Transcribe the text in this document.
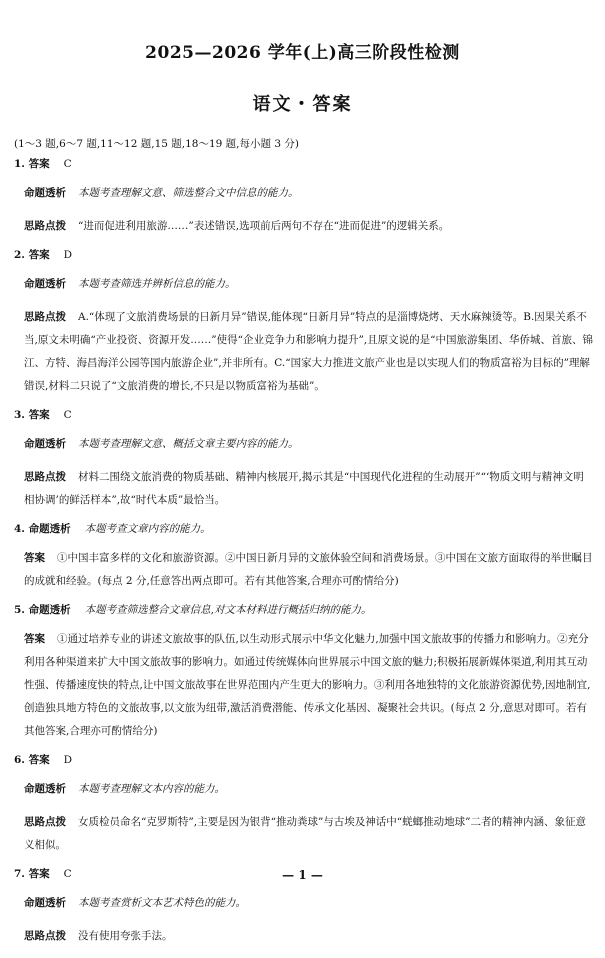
2025—2026 学年(上)高三阶段性检测
语文・答案
(1～3 题,6～7 题,11～12 题,15 题,18～19 题,每小题 3 分)
1. 答案 C
命题透析 本题考查理解文意、筛选整合文中信息的能力。
思路点拨 “进而促进利用旅游……”表述错误,选项前后两句不存在“进而促进”的逻辑关系。
2. 答案 D
命题透析 本题考查筛选并辨析信息的能力。
思路点拨 A.“体现了文旅消费场景的日新月异”错误,能体现“日新月异”特点的是淄博烧烤、天水麻辣烫等。B.因果关系不当,原文未明确“产业投资、资源开发……”使得“企业竞争力和影响力提升”,且原文说的是“中国旅游集团、华侨城、首旅、锦江、方特、海昌海洋公园等国内旅游企业”,并非所有。C.“国家大力推进文旅产业也是以实现人们的物质富裕为目标的”理解错误,材料二只说了“文旅消费的增长,不只是以物质富裕为基础”。
3. 答案 C
命题透析 本题考查理解文意、概括文章主要内容的能力。
思路点拨 材料二围绕文旅消费的物质基础、精神内核展开,揭示其是“中国现代化进程的生动展开”“‘物质文明与精神文明相协调’的鲜活样本”,故“时代本质”最恰当。
4. 命题透析 本题考查文章内容的能力。
答案 ①中国丰富多样的文化和旅游资源。②中国日新月异的文旅体验空间和消费场景。③中国在文旅方面取得的举世瞩目的成就和经验。(每点 2 分,任意答出两点即可。若有其他答案,合理亦可酌情给分)
5. 命题透析 本题考查筛选整合文章信息,对文本材料进行概括归纳的能力。
答案 ①通过培养专业的讲述文旅故事的队伍,以生动形式展示中华文化魅力,加强中国文旅故事的传播力和影响力。②充分利用各种渠道来扩大中国文旅故事的影响力。如通过传统媒体向世界展示中国文旅的魅力;积极拓展新媒体渠道,利用其互动性强、传播速度快的特点,让中国文旅故事在世界范围内产生更大的影响力。③利用各地独特的文化旅游资源优势,因地制宜,创造独具地方特色的文旅故事,以文旅为纽带,激活消费潜能、传承文化基因、凝聚社会共识。(每点 2 分,意思对即可。若有其他答案,合理亦可酌情给分)
6. 答案 D
命题透析 本题考查理解文本内容的能力。
思路点拨 女质检员命名“克罗斯特”,主要是因为银背“推动粪球”与古埃及神话中“蜣螂推动地球”二者的精神内涵、象征意义相似。
7. 答案 C
命题透析 本题考查赏析文本艺术特色的能力。
思路点拨 没有使用夸张手法。
— 1 —
